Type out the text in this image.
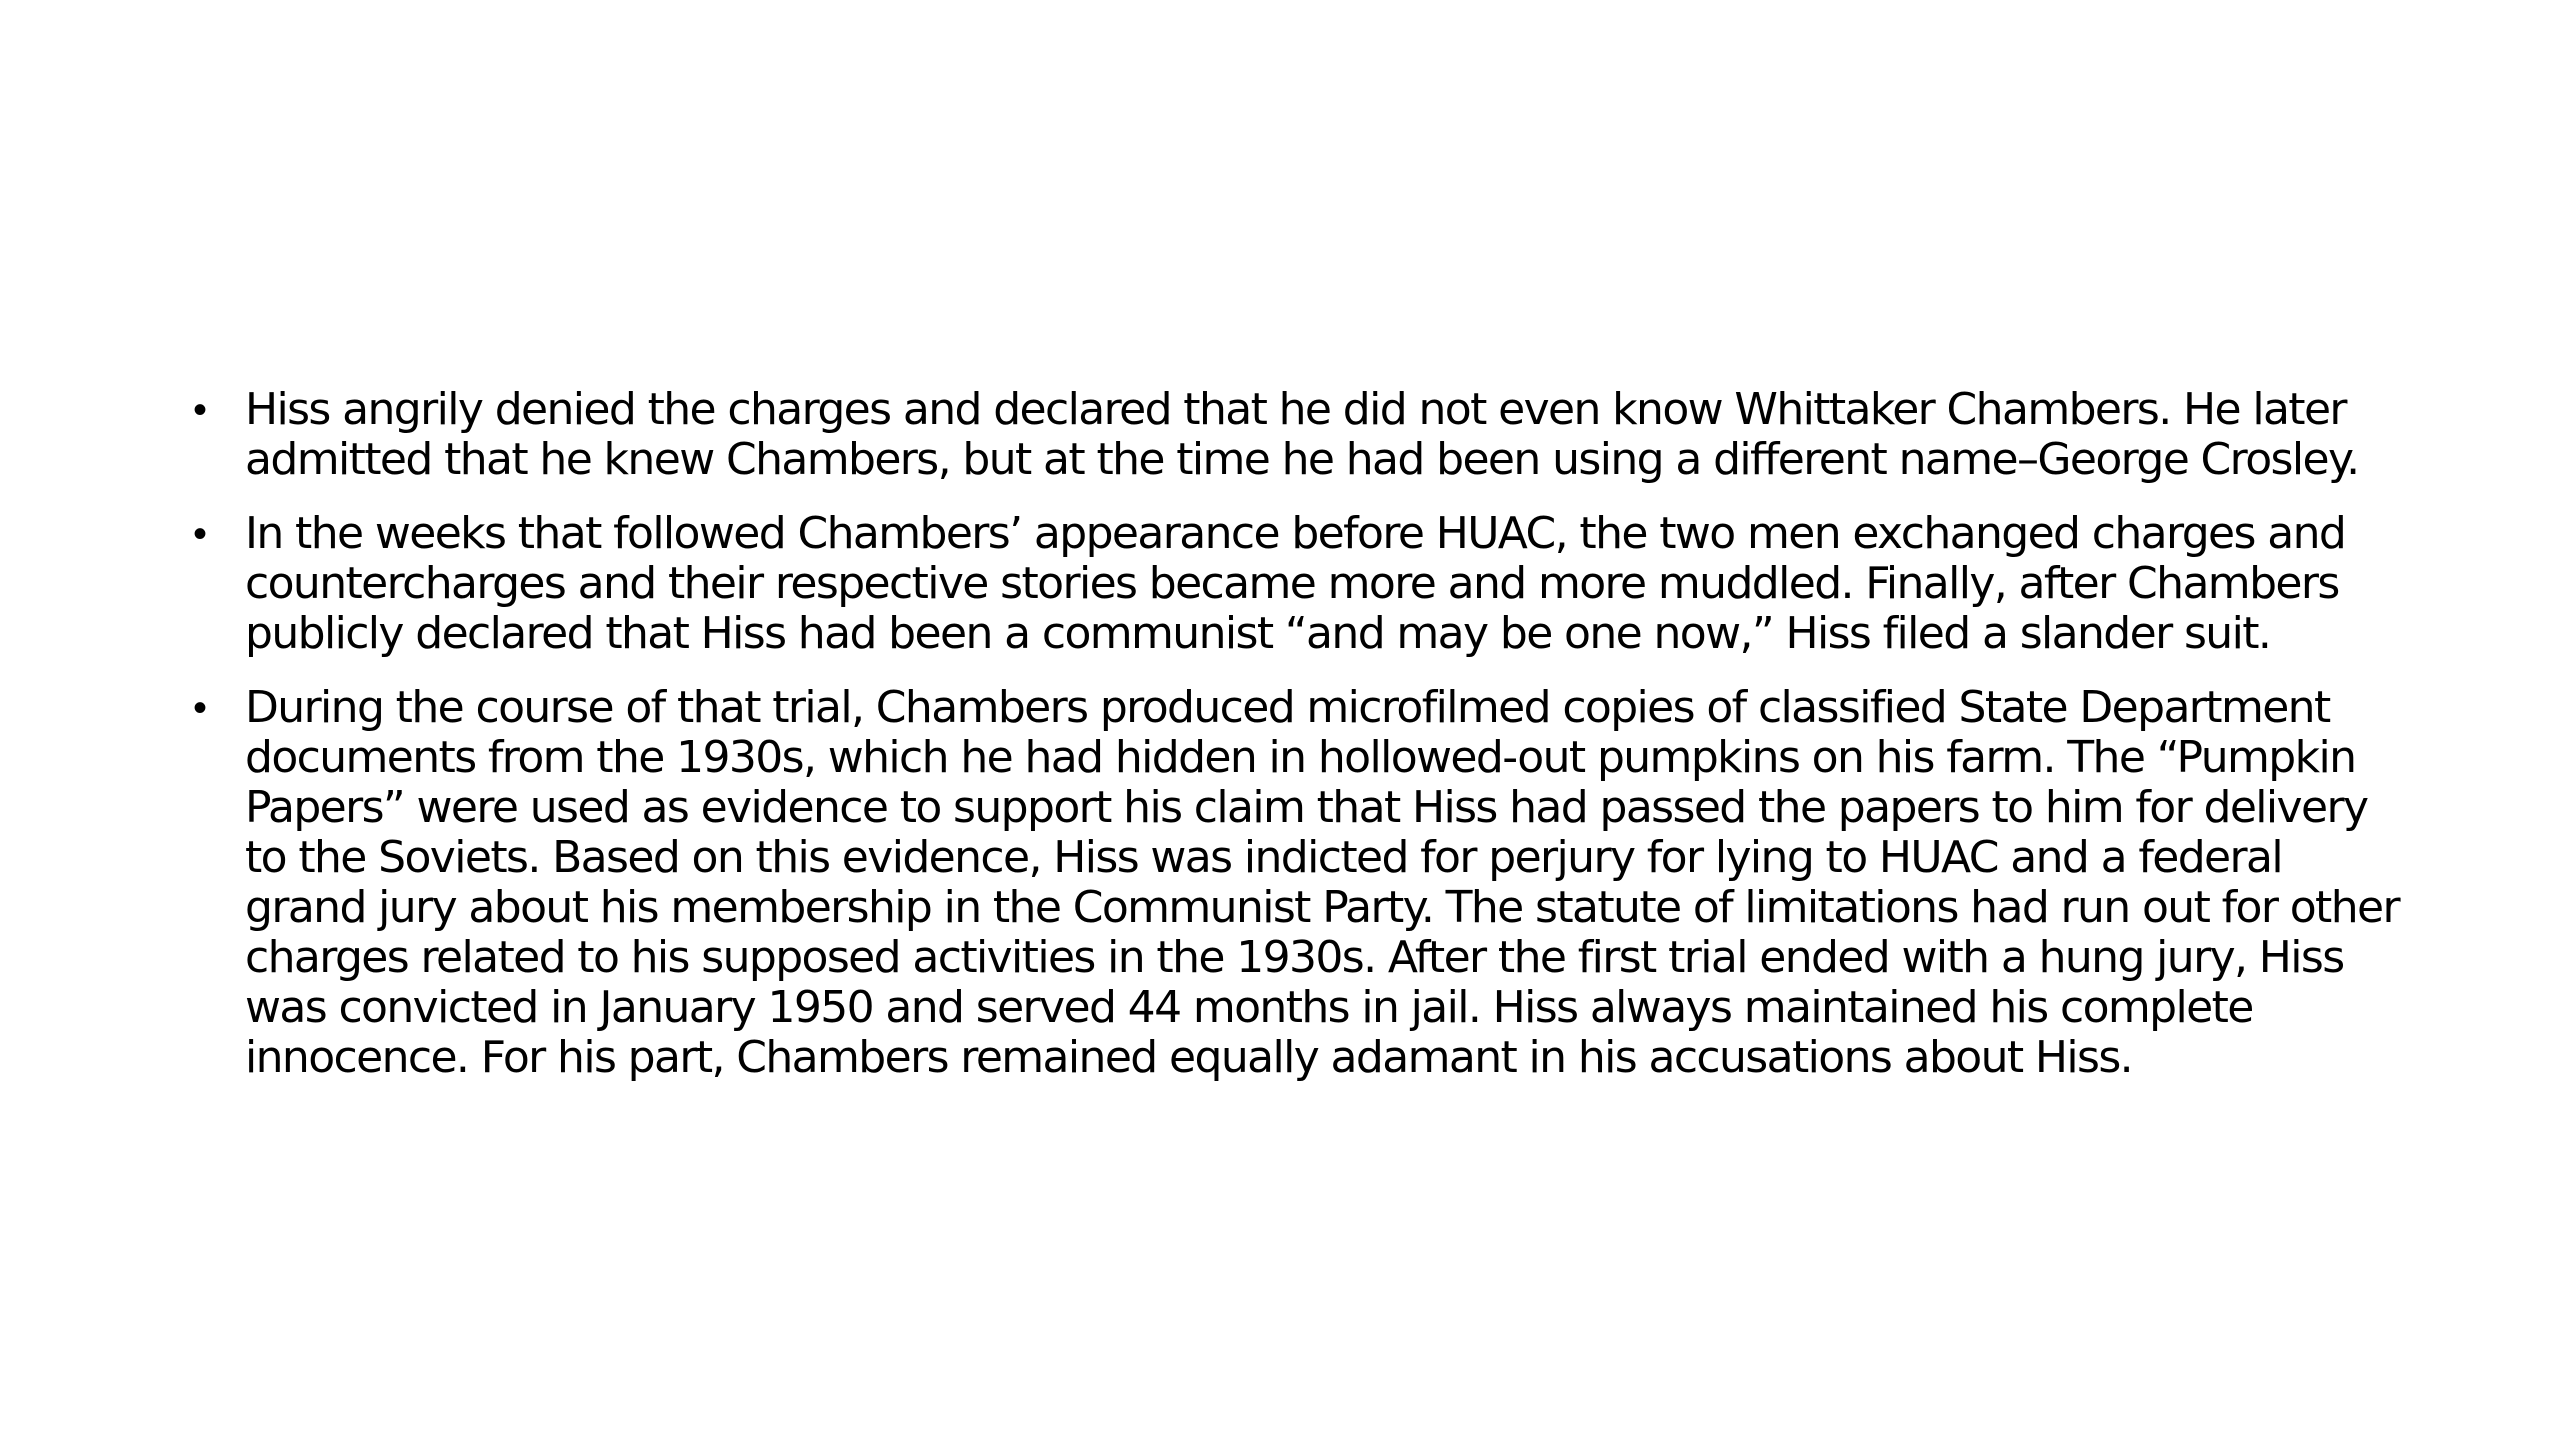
• Hiss angrily denied the charges and declared that he did not even know Whittaker Chambers. He later admitted that he knew Chambers, but at the time he had been using a different name–George Crosley.
• In the weeks that followed Chambers’ appearance before HUAC, the two men exchanged charges and countercharges and their respective stories became more and more muddled. Finally, after Chambers publicly declared that Hiss had been a communist “and may be one now,” Hiss filed a slander suit.
• During the course of that trial, Chambers produced microfilmed copies of classified State Department documents from the 1930s, which he had hidden in hollowed-out pumpkins on his farm. The “Pumpkin Papers” were used as evidence to support his claim that Hiss had passed the papers to him for delivery to the Soviets. Based on this evidence, Hiss was indicted for perjury for lying to HUAC and a federal grand jury about his membership in the Communist Party. The statute of limitations had run out for other charges related to his supposed activities in the 1930s. After the first trial ended with a hung jury, Hiss was convicted in January 1950 and served 44 months in jail. Hiss always maintained his complete innocence. For his part, Chambers remained equally adamant in his accusations about Hiss.
